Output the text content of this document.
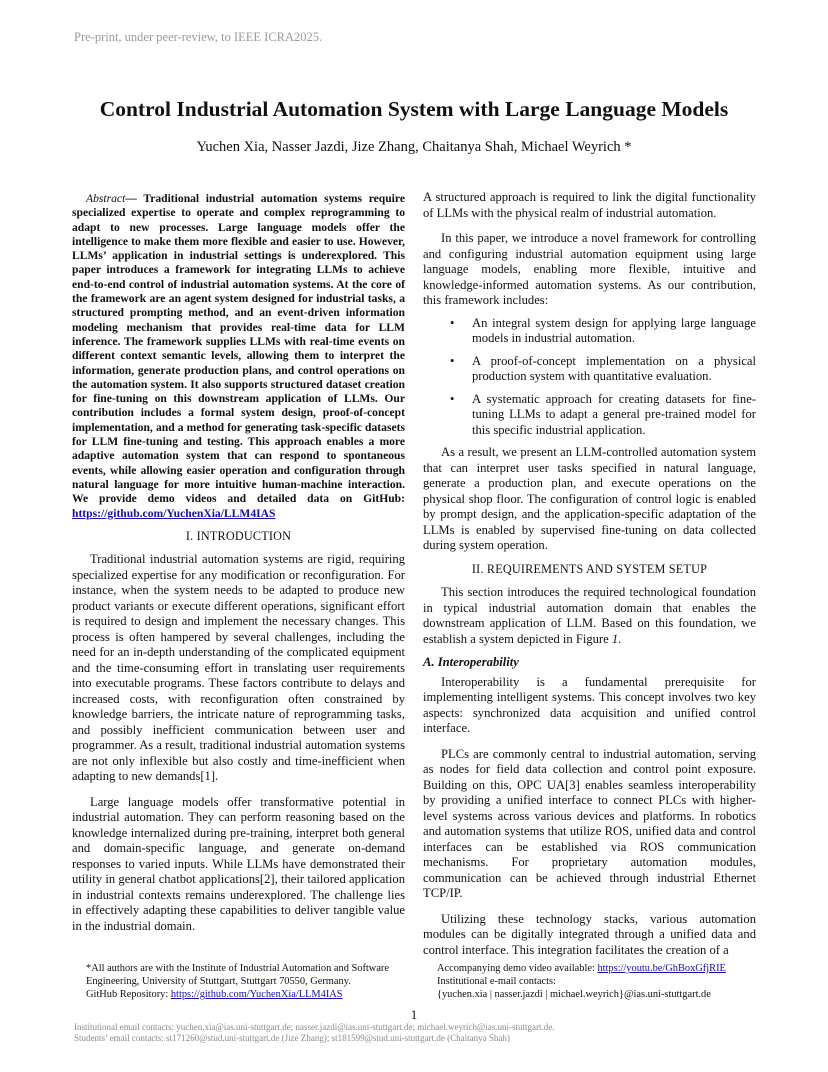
Pre-print, under peer-review, to IEEE ICRA2025.
Control Industrial Automation System with Large Language Models
Yuchen Xia, Nasser Jazdi, Jize Zhang, Chaitanya Shah, Michael Weyrich *

Abstract— Traditional industrial automation systems require specialized expertise to operate and complex reprogramming to adapt to new processes. Large language models offer the intelligence to make them more flexible and easier to use. However, LLMs’ application in industrial settings is underexplored. This paper introduces a framework for integrating LLMs to achieve end-to-end control of industrial automation systems. At the core of the framework are an agent system designed for industrial tasks, a structured prompting method, and an event-driven information modeling mechanism that provides real-time data for LLM inference. The framework supplies LLMs with real-time events on different context semantic levels, allowing them to interpret the information, generate production plans, and control operations on the automation system. It also supports structured dataset creation for fine-tuning on this downstream application of LLMs. Our contribution includes a formal system design, proof-of-concept implementation, and a method for generating task-specific datasets for LLM fine-tuning and testing. This approach enables a more adaptive automation system that can respond to spontaneous events, while allowing easier operation and configuration through natural language for more intuitive human-machine interaction. We provide demo videos and detailed data on GitHub: https://github.com/YuchenXia/LLM4IAS

I. INTRODUCTION

Traditional industrial automation systems are rigid, requiring specialized expertise for any modification or reconfiguration. For instance, when the system needs to be adapted to produce new product variants or execute different operations, significant effort is required to design and implement the necessary changes. This process is often hampered by several challenges, including the need for an in-depth understanding of the complicated equipment and the time-consuming effort in translating user requirements into executable programs. These factors contribute to delays and increased costs, with reconfiguration often constrained by knowledge barriers, the intricate nature of reprogramming tasks, and possibly inefficient communication between user and programmer. As a result, traditional industrial automation systems are not only inflexible but also costly and time-inefficient when adapting to new demands[1].

Large language models offer transformative potential in industrial automation. They can perform reasoning based on the knowledge internalized during pre-training, interpret both general and domain-specific language, and generate on-demand responses to varied inputs. While LLMs have demonstrated their utility in general chatbot applications[2], their tailored application in industrial contexts remains underexplored. The challenge lies in effectively adapting these capabilities to deliver tangible value in the industrial domain.

A structured approach is required to link the digital functionality of LLMs with the physical realm of industrial automation.

In this paper, we introduce a novel framework for controlling and configuring industrial automation equipment using large language models, enabling more flexible, intuitive and knowledge-informed automation systems. As our contribution, this framework includes:

• An integral system design for applying large language models in industrial automation.
• A proof-of-concept implementation on a physical production system with quantitative evaluation.
• A systematic approach for creating datasets for fine-tuning LLMs to adapt a general pre-trained model for this specific industrial application.

As a result, we present an LLM-controlled automation system that can interpret user tasks specified in natural language, generate a production plan, and execute operations on the physical shop floor. The configuration of control logic is enabled by prompt design, and the application-specific adaptation of the LLMs is enabled by supervised fine-tuning on data collected during system operation.

II. REQUIREMENTS AND SYSTEM SETUP

This section introduces the required technological foundation in typical industrial automation domain that enables the downstream application of LLM. Based on this foundation, we establish a system depicted in Figure 1.

A. Interoperability

Interoperability is a fundamental prerequisite for implementing intelligent systems. This concept involves two key aspects: synchronized data acquisition and unified control interface.

PLCs are commonly central to industrial automation, serving as nodes for field data collection and control point exposure. Building on this, OPC UA[3] enables seamless interoperability by providing a unified interface to connect PLCs with higher-level systems across various devices and platforms. In robotics and automation systems that utilize ROS, unified data and control interfaces can be established via ROS communication mechanisms. For proprietary automation modules, communication can be achieved through industrial Ethernet TCP/IP.

Utilizing these technology stacks, various automation modules can be digitally integrated through a unified data and control interface. This integration facilitates the creation of a

*All authors are with the Institute of Industrial Automation and Software Engineering, University of Stuttgart, Stuttgart 70550, Germany.

GitHub Repository: https://github.com/YuchenXia/LLM4IAS

Accompanying demo video available: https://youtu.be/GhBoxGfjRIE

Institutional e-mail contacts:

{yuchen.xia | nasser.jazdi | michael.weyrich}@ias.uni-stuttgart.de

1
Institutional email contacts: yuchen.xia@ias.uni-stuttgart.de; nasser.jazdi@ias.uni-stuttgart.de; michael.weyrich@ias.uni-stuttgart.de.
Students’ email contacts: st171260@stud.uni-stuttgart.de (Jize Zhang); st181599@stud.uni-stuttgart.de (Chaitanya Shah)
